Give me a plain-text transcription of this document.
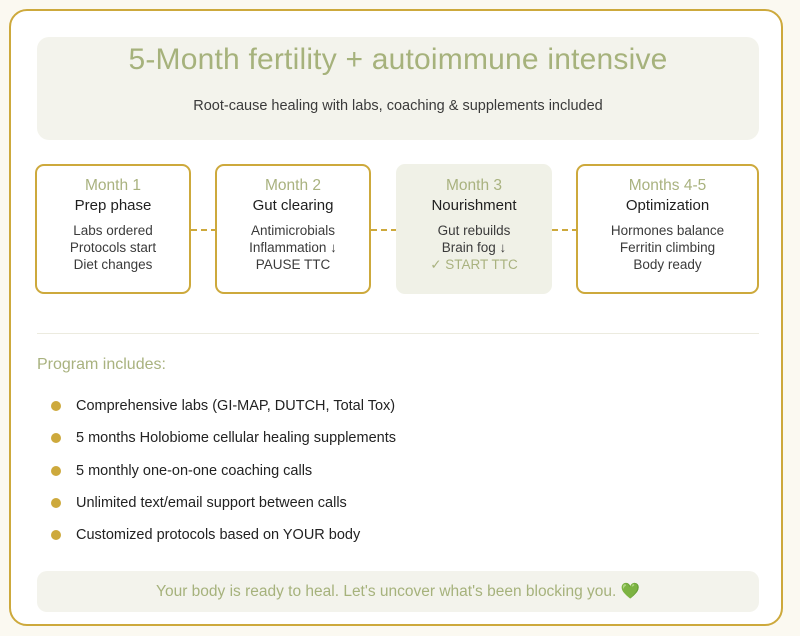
5-Month fertility + autoimmune intensive
Root-cause healing with labs, coaching & supplements included
Month 1
Prep phase
Labs ordered
Protocols start
Diet changes
Month 2
Gut clearing
Antimicrobials
Inflammation ↓
PAUSE TTC
Month 3
Nourishment
Gut rebuilds
Brain fog ↓
✓ START TTC
Months 4-5
Optimization
Hormones balance
Ferritin climbing
Body ready
Program includes:
Comprehensive labs (GI-MAP, DUTCH, Total Tox)
5 months Holobiome cellular healing supplements
5 monthly one-on-one coaching calls
Unlimited text/email support between calls
Customized protocols based on YOUR body
Your body is ready to heal. Let's uncover what's been blocking you. 💚
